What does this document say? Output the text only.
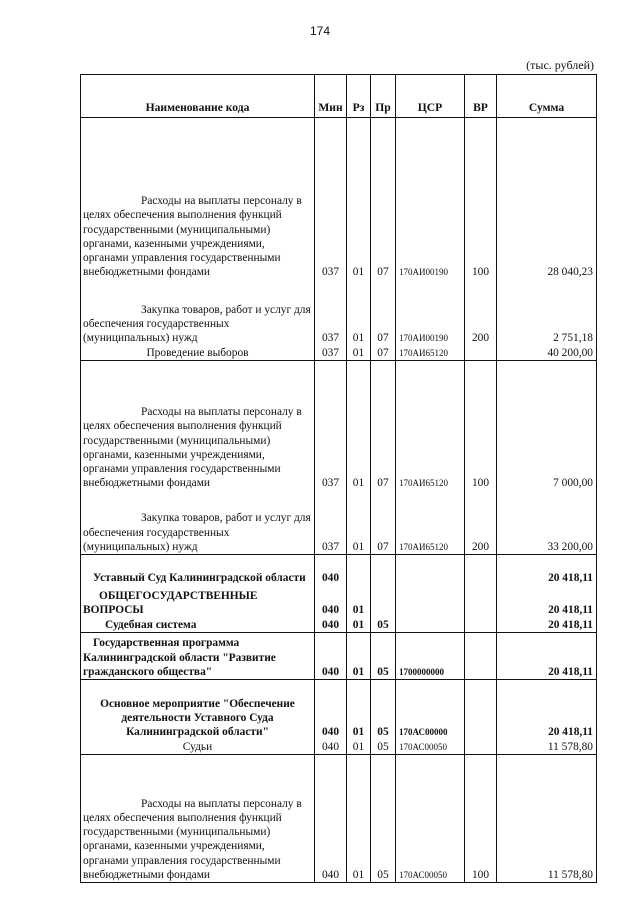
174
(тыс. рублей)
Наименование кода	Мин	Рз	Пр	ЦСР	ВР	Сумма

Расходы на выплаты персоналу в целях обеспечения выполнения функций государственными (муниципальными) органами, казенными учреждениями, органами управления государственными внебюджетными фондами	037	01	07	170АИ00190	100	28 040,23

Закупка товаров, работ и услуг для обеспечения государственных (муниципальных) нужд	037	01	07	170АИ00190	200	2 751,18

Проведение выборов	037	01	07	170АИ65120		40 200,00

Расходы на выплаты персоналу в целях обеспечения выполнения функций государственными (муниципальными) органами, казенными учреждениями, органами управления государственными внебюджетными фондами	037	01	07	170АИ65120	100	7 000,00

Закупка товаров, работ и услуг для обеспечения государственных (муниципальных) нужд	037	01	07	170АИ65120	200	33 200,00

Уставный Суд Калининградской области	040					20 418,11

ОБЩЕГОСУДАРСТВЕННЫЕ ВОПРОСЫ	040	01				20 418,11

Судебная система	040	01	05			20 418,11

Государственная программа Калининградской области "Развитие гражданского общества"	040	01	05	1700000000		20 418,11

Основное мероприятие "Обеспечение деятельности Уставного Суда Калининградской области"	040	01	05	170АС00000		20 418,11

Судьи	040	01	05	170АС00050		11 578,80

Расходы на выплаты персоналу в целях обеспечения выполнения функций государственными (муниципальными) органами, казенными учреждениями, органами управления государственными внебюджетными фондами	040	01	05	170АС00050	100	11 578,80
